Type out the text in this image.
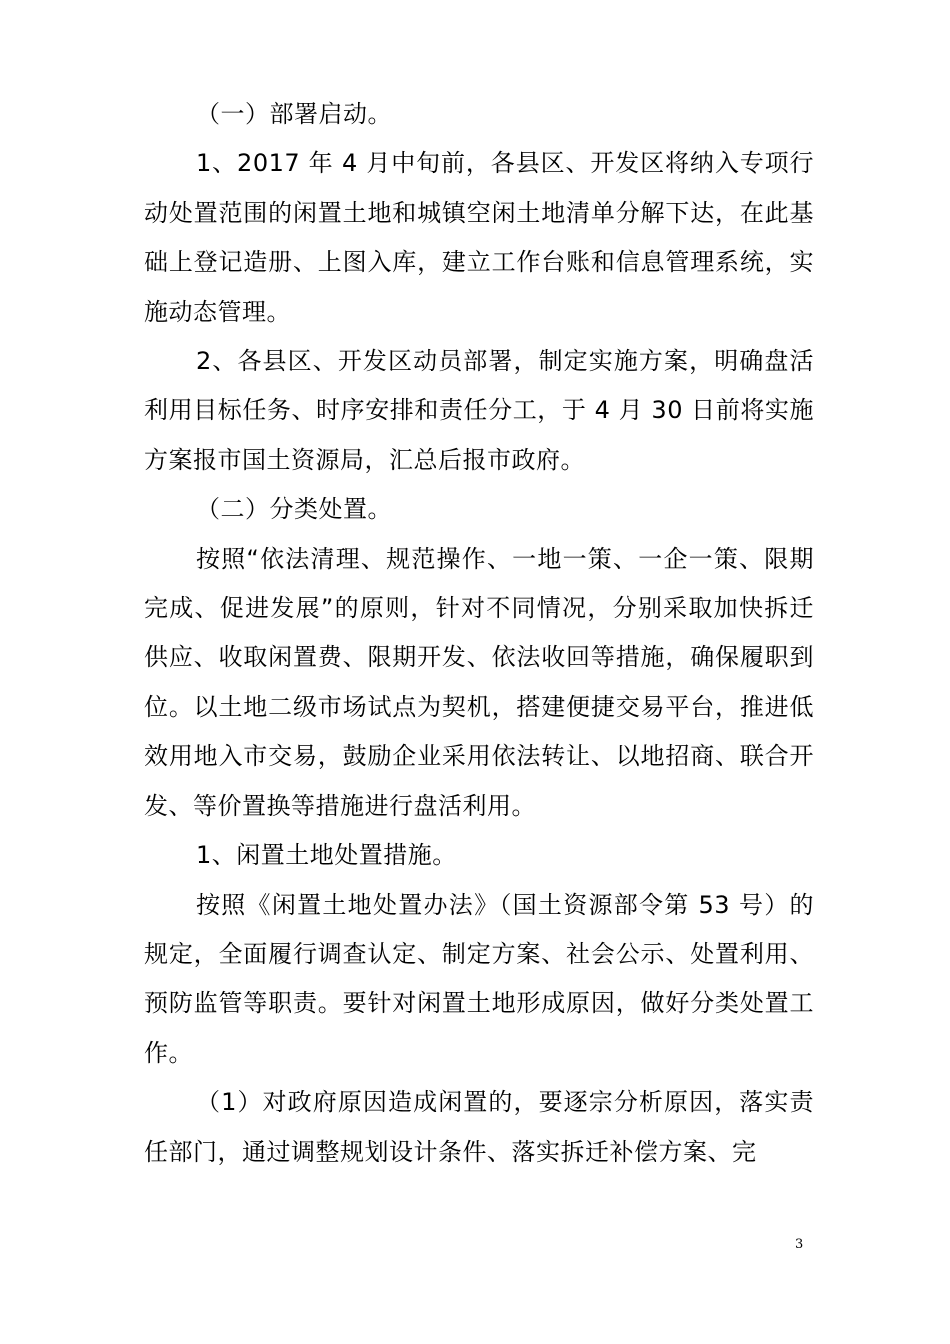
（一）部署启动。

1、2017 年 4 月中旬前，各县区、开发区将纳入专项行动处置范围的闲置土地和城镇空闲土地清单分解下达，在此基础上登记造册、上图入库，建立工作台账和信息管理系统，实施动态管理。

2、各县区、开发区动员部署，制定实施方案，明确盘活利用目标任务、时序安排和责任分工，于 4 月 30 日前将实施方案报市国土资源局，汇总后报市政府。

（二）分类处置。

按照“依法清理、规范操作、一地一策、一企一策、限期完成、促进发展”的原则，针对不同情况，分别采取加快拆迁供应、收取闲置费、限期开发、依法收回等措施，确保履职到位。以土地二级市场试点为契机，搭建便捷交易平台，推进低效用地入市交易，鼓励企业采用依法转让、以地招商、联合开发、等价置换等措施进行盘活利用。

1、闲置土地处置措施。

按照《闲置土地处置办法》（国土资源部令第 53 号）的规定，全面履行调查认定、制定方案、社会公示、处置利用、预防监管等职责。要针对闲置土地形成原因，做好分类处置工作。

（1）对政府原因造成闲置的，要逐宗分析原因，落实责任部门，通过调整规划设计条件、落实拆迁补偿方案、完

3
